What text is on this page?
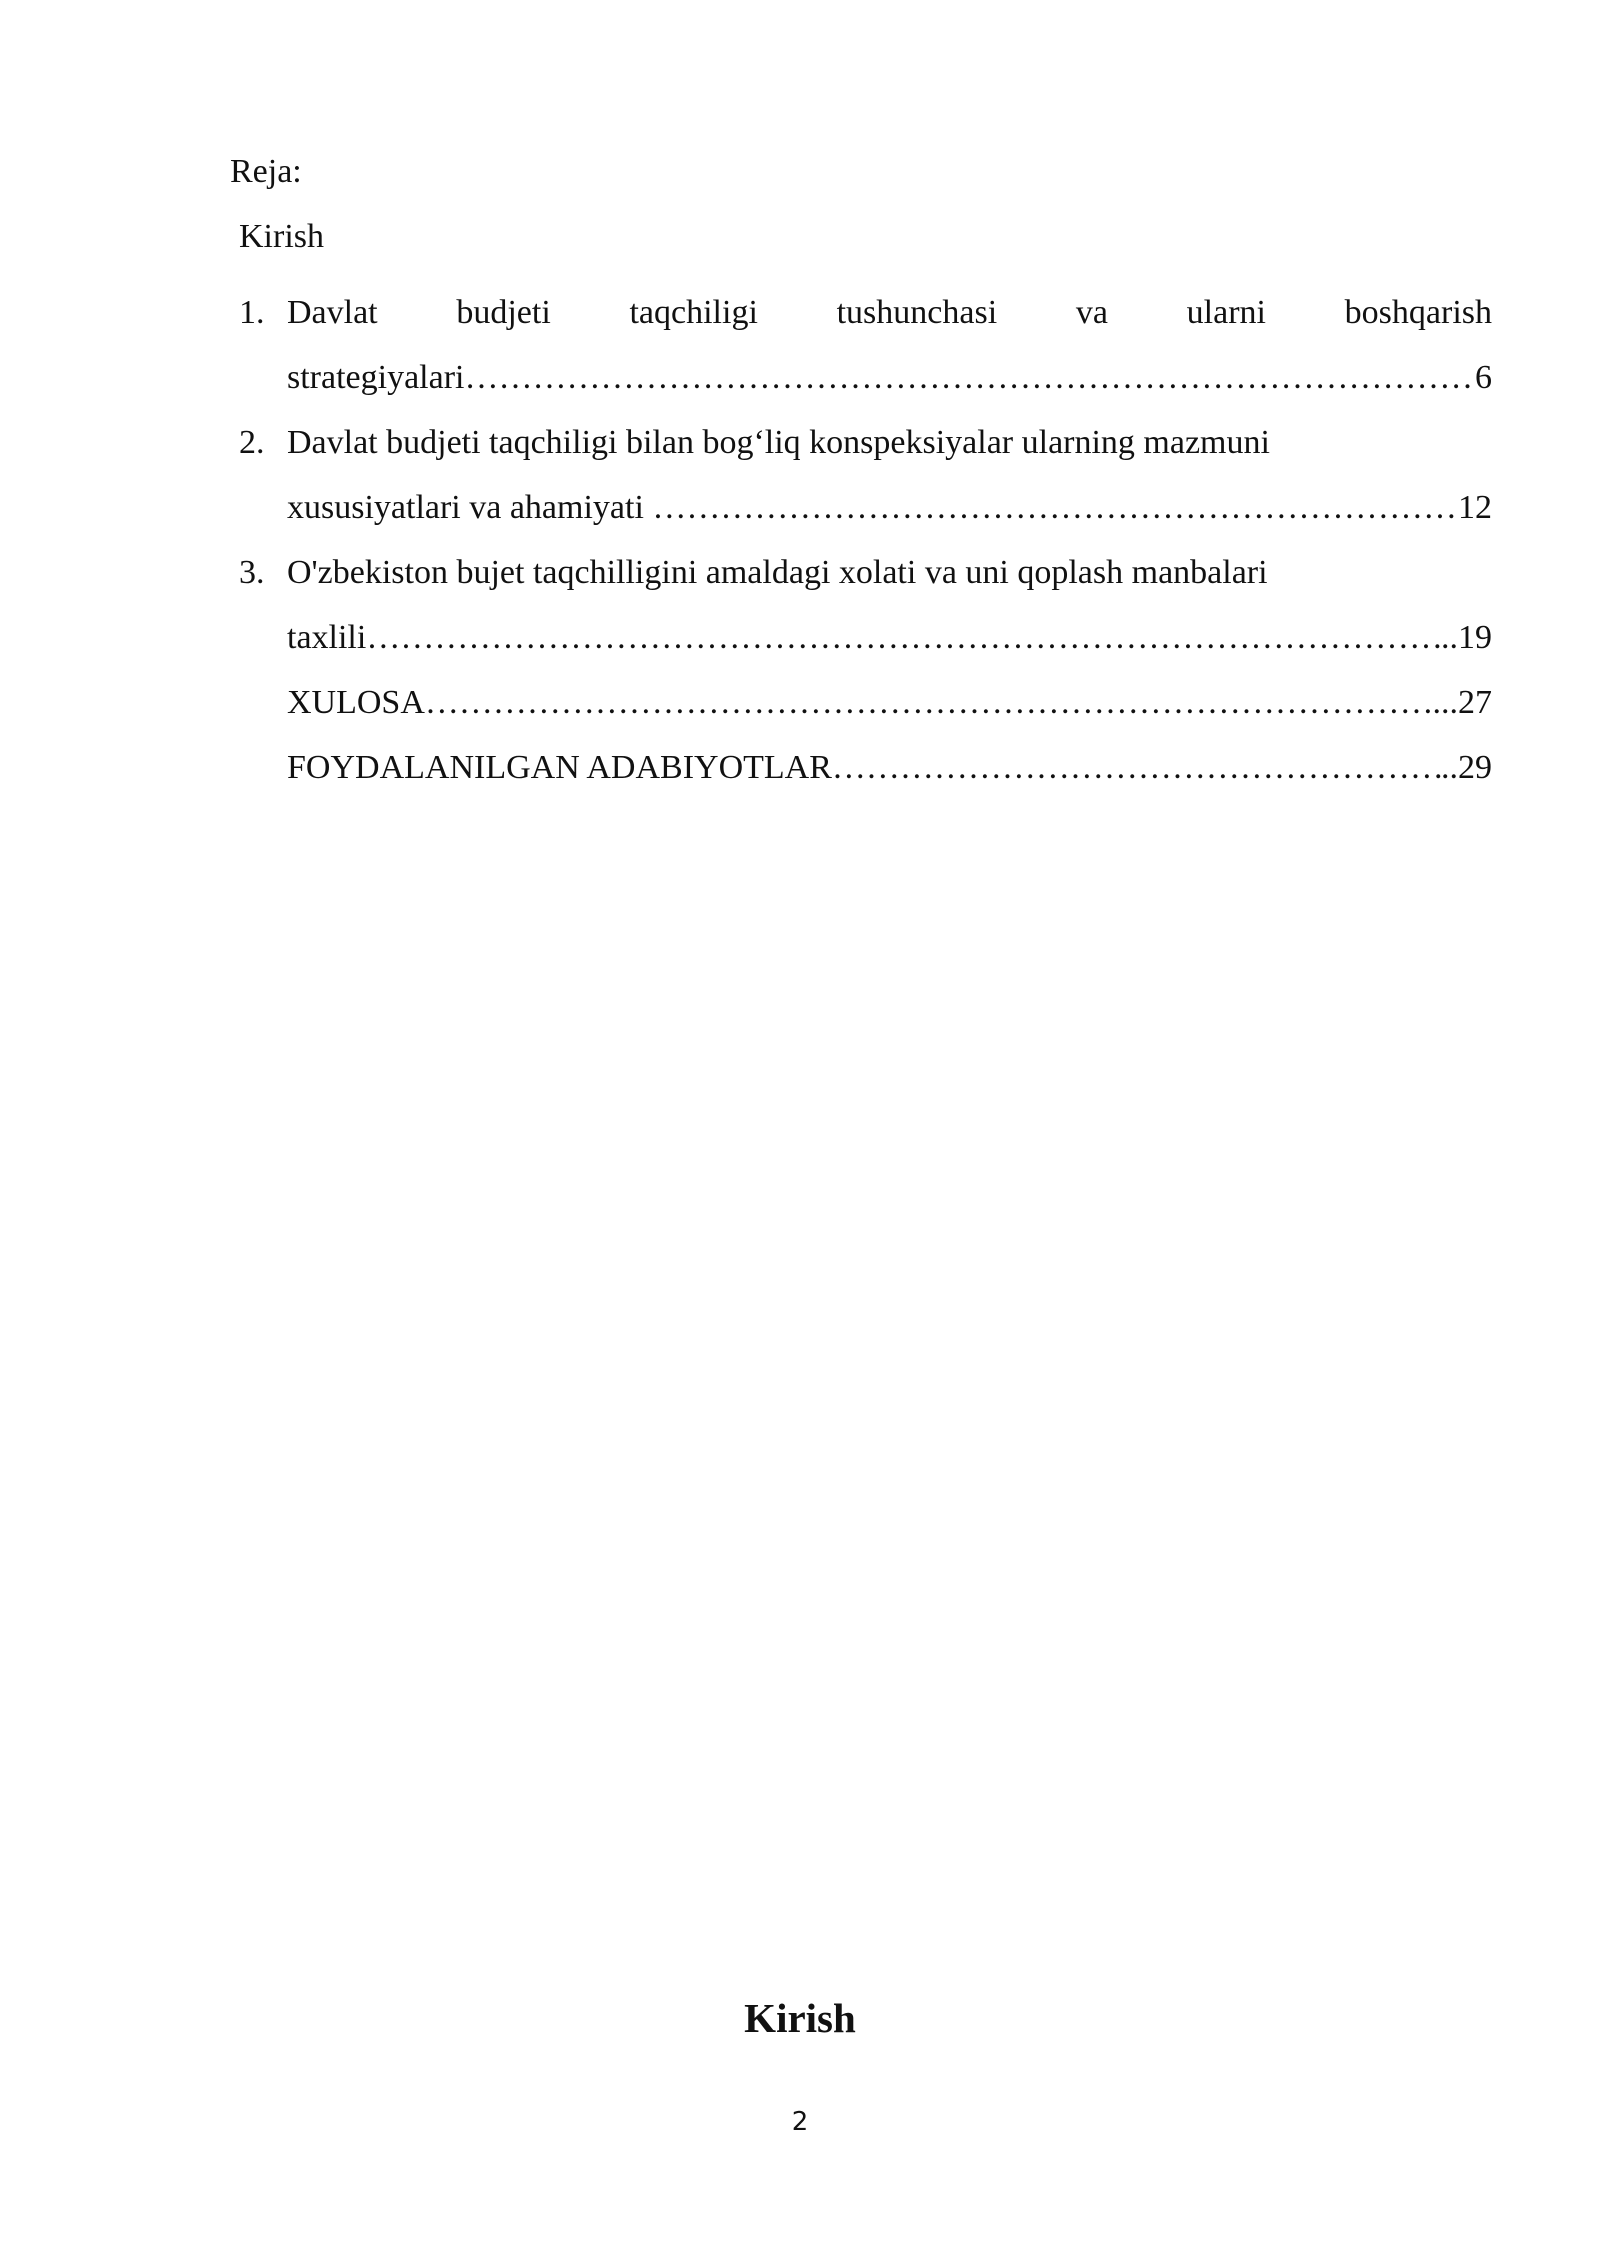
Reja:
Kirish
1. Davlat budjeti taqchiligi tushunchasi va ularni boshqarish
strategiyalari ……………………………………………………………………………………………………………………………………………………	6
2. Davlat budjeti taqchiligi bilan bog‘liq konspeksiyalar ularning mazmuni
xususiyatlari va ahamiyati ……………………………………………………………………………………………………………………………………………………	12
3. O'zbekiston bujet taqchilligini amaldagi xolati va uni qoplash manbalari
taxlili ……………………………………………………………………………………………………………………………………………………	..19
XULOSA ……………………………………………………………………………………………………………………………………………………	...27
FOYDALANILGAN ADABIYOTLAR ……………………………………………………………………………………………………………………………………………………	..29
Kirish
2
